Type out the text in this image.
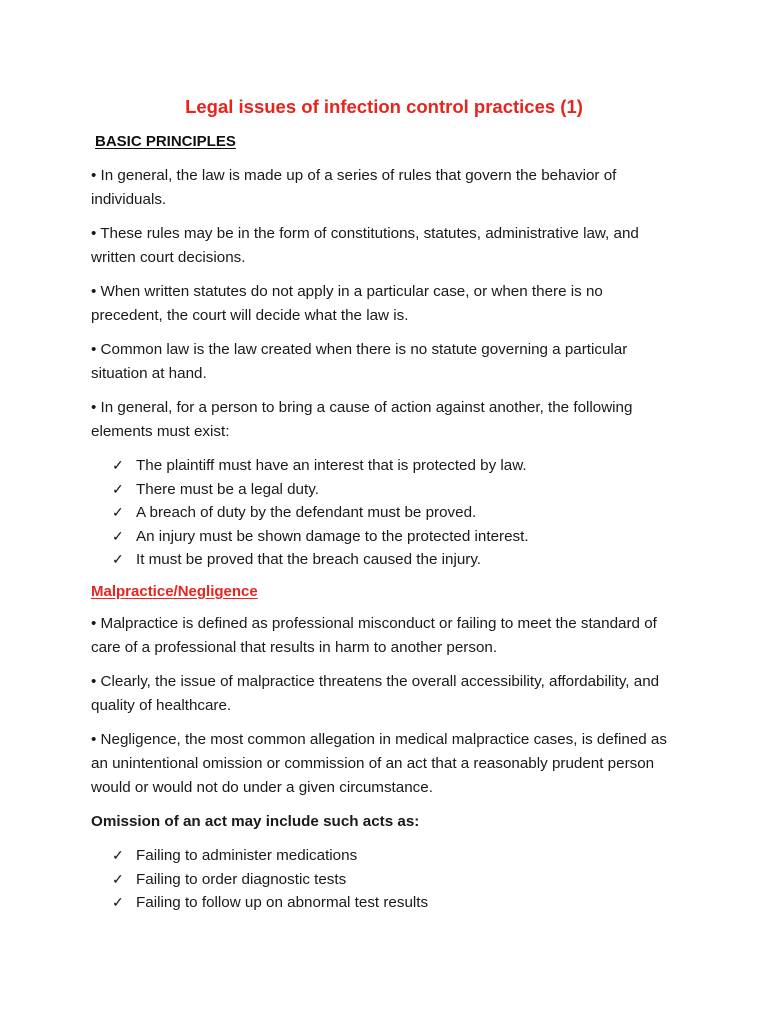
Legal issues of infection control practices (1)
BASIC PRINCIPLES

• In general, the law is made up of a series of rules that govern the behavior of individuals.

• These rules may be in the form of constitutions, statutes, administrative law, and written court decisions.

• When written statutes do not apply in a particular case, or when there is no precedent, the court will decide what the law is.

• Common law is the law created when there is no statute governing a particular situation at hand.

• In general, for a person to bring a cause of action against another, the following elements must exist:

✓ The plaintiff must have an interest that is protected by law.
✓ There must be a legal duty.
✓ A breach of duty by the defendant must be proved.
✓ An injury must be shown damage to the protected interest.
✓ It must be proved that the breach caused the injury.
Malpractice/Negligence

• Malpractice is defined as professional misconduct or failing to meet the standard of care of a professional that results in harm to another person.

• Clearly, the issue of malpractice threatens the overall accessibility, affordability, and quality of healthcare.

• Negligence, the most common allegation in medical malpractice cases, is defined as an unintentional omission or commission of an act that a reasonably prudent person would or would not do under a given circumstance.

Omission of an act may include such acts as:
✓ Failing to administer medications
✓ Failing to order diagnostic tests
✓ Failing to follow up on abnormal test results
